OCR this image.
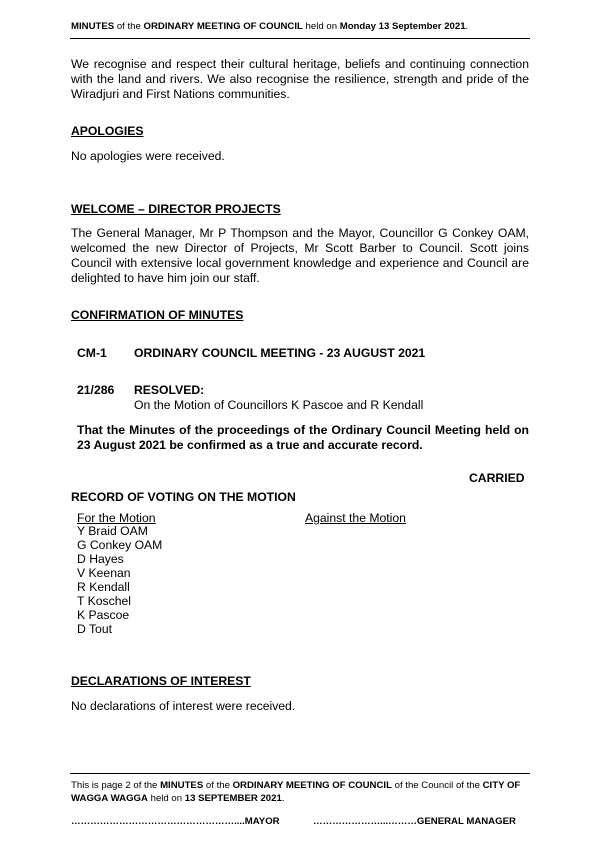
MINUTES of the ORDINARY MEETING OF COUNCIL held on Monday 13 September 2021.
We recognise and respect their cultural heritage, beliefs and continuing connection with the land and rivers. We also recognise the resilience, strength and pride of the Wiradjuri and First Nations communities.
APOLOGIES
No apologies were received.
WELCOME – DIRECTOR PROJECTS
The General Manager, Mr P Thompson and the Mayor, Councillor G Conkey OAM, welcomed the new Director of Projects, Mr Scott Barber to Council. Scott joins Council with extensive local government knowledge and experience and Council are delighted to have him join our staff.
CONFIRMATION OF MINUTES
CM-1 ORDINARY COUNCIL MEETING - 23 AUGUST 2021
21/286 RESOLVED:
On the Motion of Councillors K Pascoe and R Kendall
That the Minutes of the proceedings of the Ordinary Council Meeting held on 23 August 2021 be confirmed as a true and accurate record.
CARRIED
RECORD OF VOTING ON THE MOTION
For the Motion	Against the Motion
Y Braid OAM
G Conkey OAM
D Hayes
V Keenan
R Kendall
T Koschel
K Pascoe
D Tout
DECLARATIONS OF INTEREST
No declarations of interest were received.
This is page 2 of the MINUTES of the ORDINARY MEETING OF COUNCIL of the Council of the CITY OF WAGGA WAGGA held on 13 SEPTEMBER 2021.
……………………………………………....MAYOR	…………………...………GENERAL MANAGER
